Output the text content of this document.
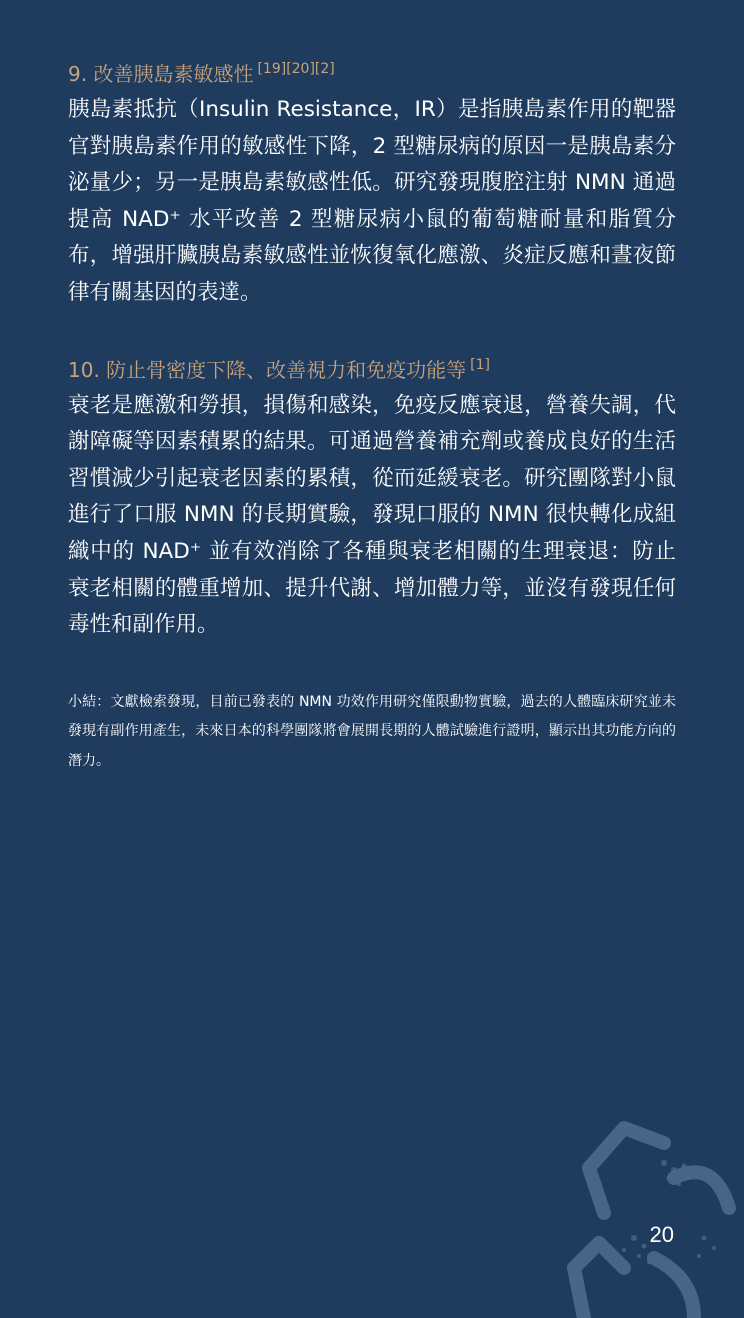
9. 改善胰島素敏感性 [19][20][2]

胰島素抵抗（Insulin Resistance，IR）是指胰島素作用的靶器官對胰島素作用的敏感性下降，2 型糖尿病的原因一是胰島素分泌量少；另一是胰島素敏感性低。研究發現腹腔注射 NMN 通過提高 NAD⁺ 水平改善 2 型糖尿病小鼠的葡萄糖耐量和脂質分布，增强肝臟胰島素敏感性並恢復氧化應激、炎症反應和晝夜節律有關基因的表達。

10. 防止骨密度下降、改善視力和免疫功能等 [1]

衰老是應激和勞損，損傷和感染，免疫反應衰退，營養失調，代謝障礙等因素積累的結果。可通過營養補充劑或養成良好的生活習慣減少引起衰老因素的累積，從而延緩衰老。研究團隊對小鼠進行了口服 NMN 的長期實驗，發現口服的 NMN 很快轉化成組織中的 NAD⁺ 並有效消除了各種與衰老相關的生理衰退：防止衰老相關的體重增加、提升代謝、增加體力等，並沒有發現任何毒性和副作用。

小結：文獻檢索發現，目前已發表的 NMN 功效作用研究僅限動物實驗，過去的人體臨床研究並未發現有副作用產生，未來日本的科學團隊將會展開長期的人體試驗進行證明，顯示出其功能方向的潛力。

20
